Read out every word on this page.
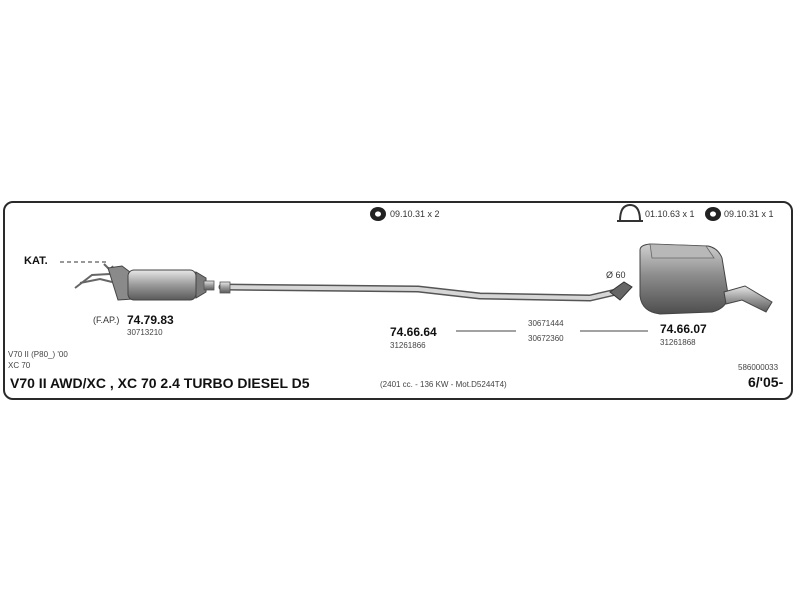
09.10.31 x 2	01.10.63 x 1	09.10.31 x 1
KAT.
(F.AP.) 74.79.83
30713210	74.66.64
31261866
30671444
30672360
74.66.07
31261868
Ø 60
V70 II (P80_) '00
XC 70
V70 II AWD/XC , XC 70 2.4 TURBO DIESEL D5	(2401 cc. - 136 KW - Mot.D5244T4)
586000033
6/'05-
